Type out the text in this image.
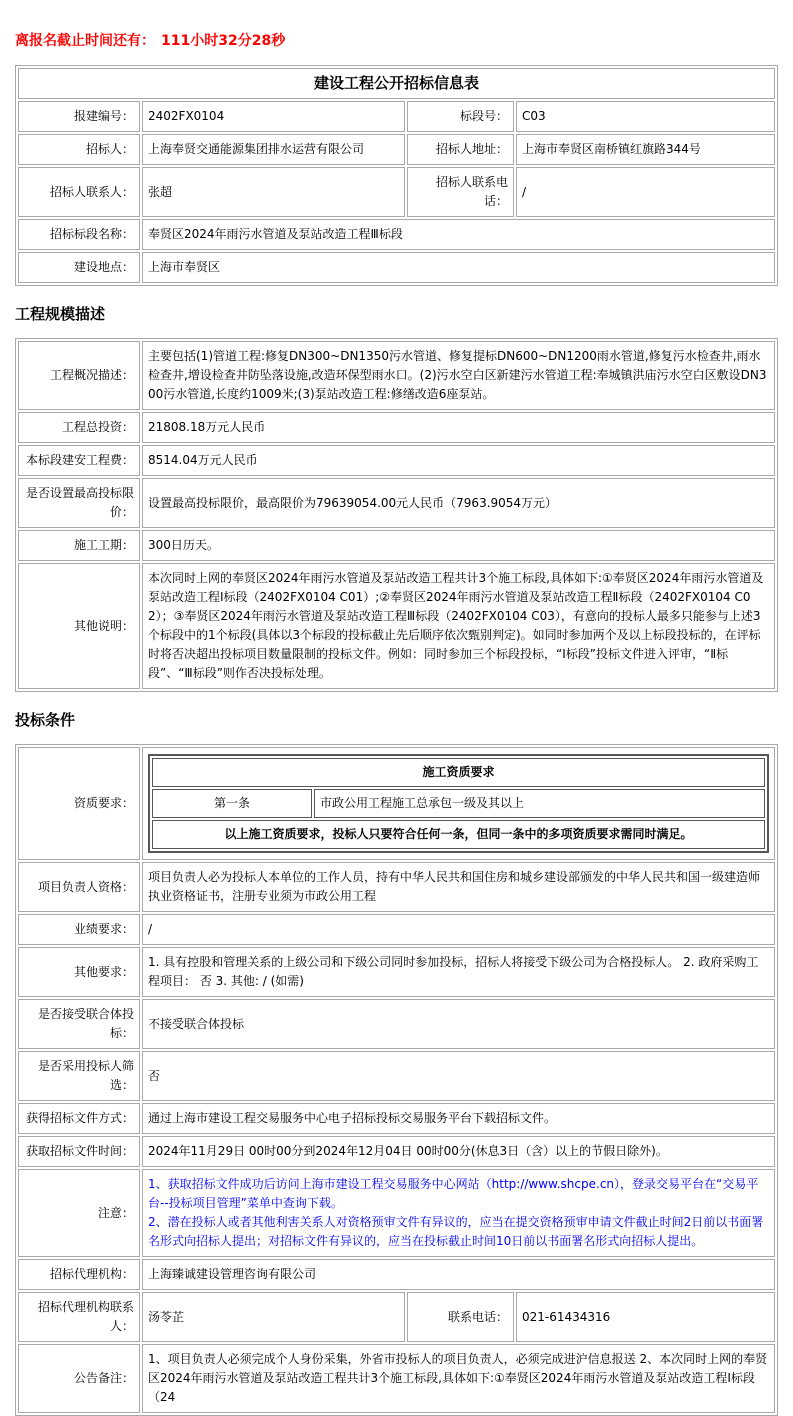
离报名截止时间还有： 111小时32分28秒
建设工程公开招标信息表			
报建编号：	2402FX0104	标段号：	C03
招标人：	上海奉贤交通能源集团排水运营有限公司	招标人地址：	上海市奉贤区南桥镇红旗路344号
招标人联系人：	张超	招标人联系电话：	/
招标标段名称：	奉贤区2024年雨污水管道及泵站改造工程Ⅲ标段		
建设地点：	上海市奉贤区		
工程规模描述
工程概况描述：	主要包括(1)管道工程:修复DN300~DN1350污水管道、修复提标DN600~DN1200雨水管道,修复污水检查井,雨水检查井,增设检查井防坠落设施,改造环保型雨水口。(2)污水空白区新建污水管道工程:奉城镇洪庙污水空白区敷设DN300污水管道,长度约1009米;(3)泵站改造工程:修缮改造6座泵站。
工程总投资：	21808.18万元人民币
本标段建安工程费：	8514.04万元人民币
是否设置最高投标限价：	设置最高投标限价，最高限价为79639054.00元人民币（7963.9054万元）
施工工期：	300日历天。
其他说明：	本次同时上网的奉贤区2024年雨污水管道及泵站改造工程共计3个施工标段,具体如下:①奉贤区2024年雨污水管道及泵站改造工程Ⅰ标段（2402FX0104 C01）;②奉贤区2024年雨污水管道及泵站改造工程Ⅱ标段（2402FX0104 C02）；③奉贤区2024年雨污水管道及泵站改造工程Ⅲ标段（2402FX0104 C03），有意向的投标人最多只能参与上述3个标段中的1个标段(具体以3个标段的投标截止先后顺序依次甄别判定)。如同时参加两个及以上标段投标的，在评标时将否决超出投标项目数量限制的投标文件。例如：同时参加三个标段投标，“Ⅰ标段”投标文件进入评审，“Ⅱ标段”、“Ⅲ标段”则作否决投标处理。
投标条件
资质要求：	
施工资质要求
第一条	市政公用工程施工总承包一级及其以上
以上施工资质要求，投标人只要符合任何一条，但同一条中的多项资质要求需同时满足。

项目负责人资格：	项目负责人必为投标人本单位的工作人员，持有中华人民共和国住房和城乡建设部颁发的中华人民共和国一级建造师执业资格证书，注册专业须为市政公用工程
业绩要求：	/
其他要求：	1. 具有控股和管理关系的上级公司和下级公司同时参加投标，招标人将接受下级公司为合格投标人。 2. 政府采购工程项目： 否 3. 其他: / (如需)
是否接受联合体投标：	不接受联合体投标
是否采用投标人筛选：	否
获得招标文件方式：	通过上海市建设工程交易服务中心电子招标投标交易服务平台下载招标文件。
获取招标文件时间：	2024年11月29日 00时00分到2024年12月04日 00时00分(休息3日（含）以上的节假日除外)。
注意：	
1、获取招标文件成功后访问上海市建设工程交易服务中心网站（http://www.shcpe.cn），登录交易平台在“交易平台--投标项目管理”菜单中查询下载。
2、潜在投标人或者其他利害关系人对资格预审文件有异议的，应当在提交资格预审申请文件截止时间2日前以书面署名形式向招标人提出；对招标文件有异议的，应当在投标截止时间10日前以书面署名形式向招标人提出。

招标代理机构：	上海臻诚建设管理咨询有限公司
招标代理机构联系人：	汤苓芷	联系电话：	021-61434316
公告备注：	1、项目负责人必须完成个人身份采集，外省市投标人的项目负责人，必须完成进沪信息报送 2、本次同时上网的奉贤区2024年雨污水管道及泵站改造工程共计3个施工标段,具体如下:①奉贤区2024年雨污水管道及泵站改造工程Ⅰ标段（24
